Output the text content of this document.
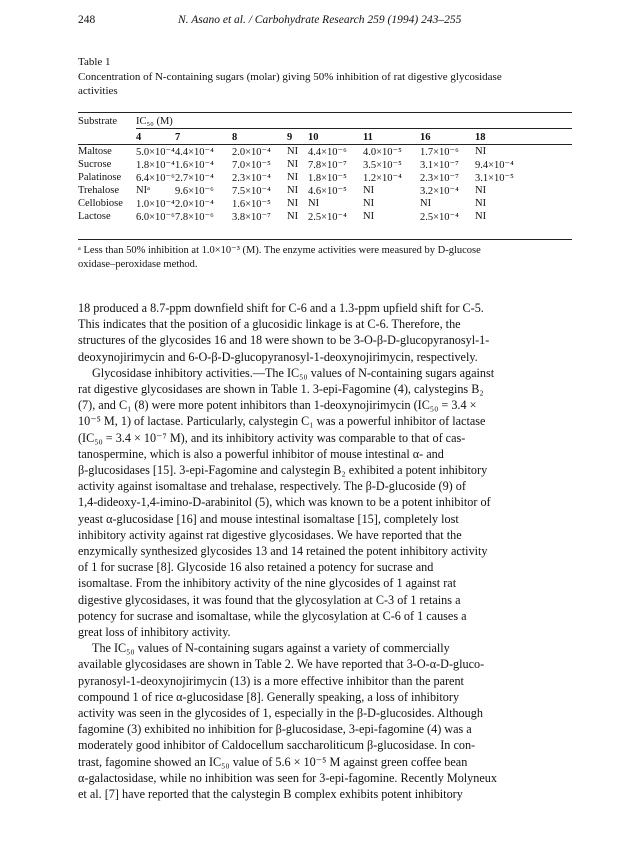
248	N. Asano et al. / Carbohydrate Research 259 (1994) 243–255
Table 1
Concentration of N-containing sugars (molar) giving 50% inhibition of rat digestive glycosidase
activities
Substrate	IC₅₀ (M)							
	4	7	8	9	10	11	16	18
Maltose	5.0×10⁻⁴	4.4×10⁻⁴	2.0×10⁻⁴	NI	4.4×10⁻⁶	4.0×10⁻⁵	1.7×10⁻⁶	NI
Sucrose	1.8×10⁻⁴	1.6×10⁻⁴	7.0×10⁻⁵	NI	7.8×10⁻⁷	3.5×10⁻⁵	3.1×10⁻⁷	9.4×10⁻⁴
Palatinose	6.4×10⁻⁶	2.7×10⁻⁴	2.3×10⁻⁴	NI	1.8×10⁻⁵	1.2×10⁻⁴	2.3×10⁻⁷	3.1×10⁻⁵
Trehalose	NIᵃ	9.6×10⁻⁶	7.5×10⁻⁴	NI	4.6×10⁻⁵	NI	3.2×10⁻⁴	NI
Cellobiose	1.0×10⁻⁴	2.0×10⁻⁴	1.6×10⁻⁵	NI	NI	NI	NI	NI
Lactose	6.0×10⁻⁶	7.8×10⁻⁶	3.8×10⁻⁷	NI	2.5×10⁻⁴	NI	2.5×10⁻⁴	NI
ᵃ Less than 50% inhibition at 1.0×10⁻³ (M). The enzyme activities were measured by D-glucose
oxidase–peroxidase method.
18 produced a 8.7-ppm downfield shift for C-6 and a 1.3-ppm upfield shift for C-5.
This indicates that the position of a glucosidic linkage is at C-6. Therefore, the
structures of the glycosides 16 and 18 were shown to be 3-O-β-D-glucopyranosyl-1-
deoxynojirimycin and 6-O-β-D-glucopyranosyl-1-deoxynojirimycin, respectively.
Glycosidase inhibitory activities.—The IC₅₀ values of N-containing sugars against
rat digestive glycosidases are shown in Table 1. 3-epi-Fagomine (4), calystegins B₂
(7), and C₁ (8) were more potent inhibitors than 1-deoxynojirimycin (IC₅₀ = 3.4 ×
10⁻⁵ M, 1) of lactase. Particularly, calystegin C₁ was a powerful inhibitor of lactase
(IC₅₀ = 3.4 × 10⁻⁷ M), and its inhibitory activity was comparable to that of cas-
tanospermine, which is also a powerful inhibitor of mouse intestinal α- and
β-glucosidases [15]. 3-epi-Fagomine and calystegin B₂ exhibited a potent inhibitory
activity against isomaltase and trehalase, respectively. The β-D-glucoside (9) of
1,4-dideoxy-1,4-imino-D-arabinitol (5), which was known to be a potent inhibitor of
yeast α-glucosidase [16] and mouse intestinal isomaltase [15], completely lost
inhibitory activity against rat digestive glycosidases. We have reported that the
enzymically synthesized glycosides 13 and 14 retained the potent inhibitory activity
of 1 for sucrase [8]. Glycoside 16 also retained a potency for sucrase and
isomaltase. From the inhibitory activity of the nine glycosides of 1 against rat
digestive glycosidases, it was found that the glycosylation at C-3 of 1 retains a
potency for sucrase and isomaltase, while the glycosylation at C-6 of 1 causes a
great loss of inhibitory activity.
The IC₅₀ values of N-containing sugars against a variety of commercially
available glycosidases are shown in Table 2. We have reported that 3-O-α-D-gluco-
pyranosyl-1-deoxynojirimycin (13) is a more effective inhibitor than the parent
compound 1 of rice α-glucosidase [8]. Generally speaking, a loss of inhibitory
activity was seen in the glycosides of 1, especially in the β-D-glucosides. Although
fagomine (3) exhibited no inhibition for β-glucosidase, 3-epi-fagomine (4) was a
moderately good inhibitor of Caldocellum saccharoliticum β-glucosidase. In con-
trast, fagomine showed an IC₅₀ value of 5.6 × 10⁻⁵ M against green coffee bean
α-galactosidase, while no inhibition was seen for 3-epi-fagomine. Recently Molyneux
et al. [7] have reported that the calystegin B complex exhibits potent inhibitory
